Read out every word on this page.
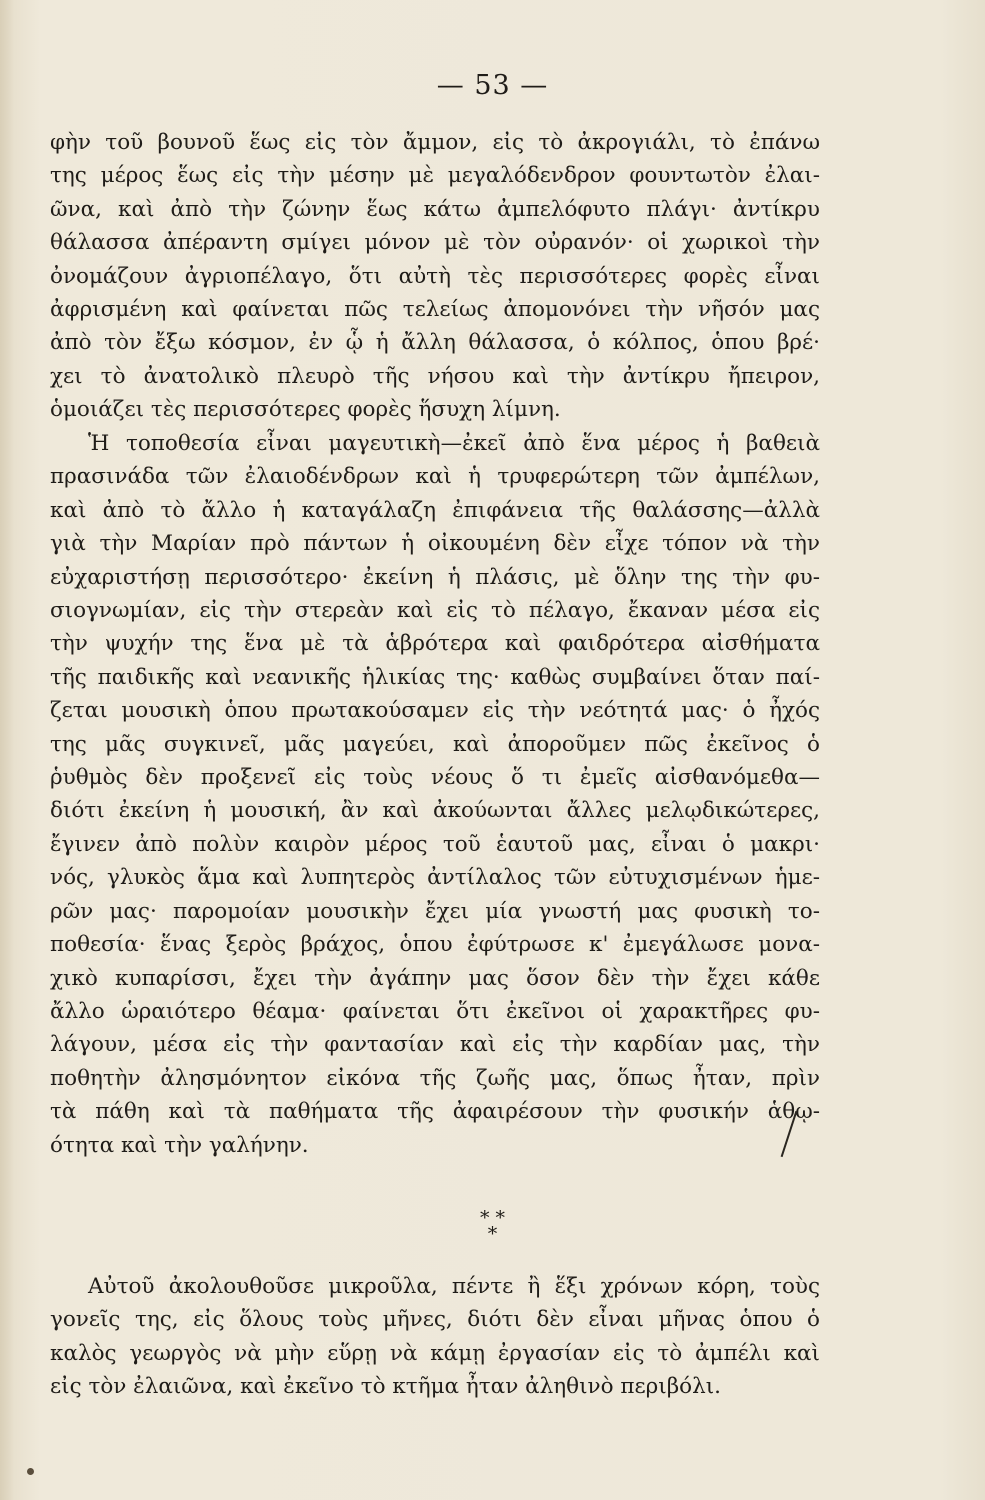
— 53 —
φὴν τοῦ βουνοῦ ἕως εἰς τὸν ἄμμον, εἰς τὸ ἀκρογιάλι, τὸ ἐπάνω
της μέρος ἕως εἰς τὴν μέσην μὲ μεγαλόδενδρον φουντωτὸν ἐλαι-
ῶνα, καὶ ἀπὸ τὴν ζώνην ἕως κάτω ἀμπελόφυτο πλάγι· ἀντίκρυ
θάλασσα ἀπέραντη σμίγει μόνον μὲ τὸν οὐρανόν· οἱ χωρικοὶ τὴν
ὀνομάζουν ἀγριοπέλαγο, ὅτι αὐτὴ τὲς περισσότερες φορὲς εἶναι
ἀφρισμένη καὶ φαίνεται πῶς τελείως ἀπομονόνει τὴν νῆσόν μας
ἀπὸ τὸν ἔξω κόσμον, ἐν ᾧ ἡ ἄλλη θάλασσα, ὁ κόλπος, ὁπου βρέ·
χει τὸ ἀνατολικὸ πλευρὸ τῆς νήσου καὶ τὴν ἀντίκρυ ἤπειρον,
ὁμοιάζει τὲς περισσότερες φορὲς ἥσυχη λίμνη.
Ἡ τοποθεσία εἶναι μαγευτικὴ—ἐκεῖ ἀπὸ ἕνα μέρος ἡ βαθειὰ
πρασινάδα τῶν ἐλαιοδένδρων καὶ ἡ τρυφερώτερη τῶν ἀμπέλων,
καὶ ἀπὸ τὸ ἄλλο ἡ καταγάλαζη ἐπιφάνεια τῆς θαλάσσης—ἀλλὰ
γιὰ τὴν Μαρίαν πρὸ πάντων ἡ οἰκουμένη δὲν εἶχε τόπον νὰ τὴν
εὐχαριστήσῃ περισσότερο· ἐκείνη ἡ πλάσις, μὲ ὅλην της τὴν φυ-
σιογνωμίαν, εἰς τὴν στερεὰν καὶ εἰς τὸ πέλαγο, ἔκαναν μέσα εἰς
τὴν ψυχήν της ἕνα μὲ τὰ ἁβρότερα καὶ φαιδρότερα αἰσθήματα
τῆς παιδικῆς καὶ νεανικῆς ἡλικίας της· καθὼς συμβαίνει ὅταν παί-
ζεται μουσικὴ ὁπου πρωτακούσαμεν εἰς τὴν νεότητά μας· ὁ ἦχός
της μᾶς συγκινεῖ, μᾶς μαγεύει, καὶ ἀποροῦμεν πῶς ἐκεῖνος ὁ
ῥυθμὸς δὲν προξενεῖ εἰς τοὺς νέους ὅ τι ἐμεῖς αἰσθανόμεθα—
διότι ἐκείνη ἡ μουσική, ἂν καὶ ἀκούωνται ἄλλες μελῳδικώτερες,
ἔγινεν ἀπὸ πολὺν καιρὸν μέρος τοῦ ἑαυτοῦ μας, εἶναι ὁ μακρι·
νός, γλυκὸς ἅμα καὶ λυπητερὸς ἀντίλαλος τῶν εὐτυχισμένων ἡμε-
ρῶν μας· παρομοίαν μουσικὴν ἔχει μία γνωστή μας φυσικὴ το-
ποθεσία· ἕνας ξερὸς βράχος, ὁπου ἐφύτρωσε κ' ἐμεγάλωσε μονα-
χικὸ κυπαρίσσι, ἔχει τὴν ἀγάπην μας ὅσον δὲν τὴν ἔχει κάθε
ἄλλο ὡραιότερο θέαμα· φαίνεται ὅτι ἐκεῖνοι οἱ χαρακτῆρες φυ-
λάγουν, μέσα εἰς τὴν φαντασίαν καὶ εἰς τὴν καρδίαν μας, τὴν
ποθητὴν ἀλησμόνητον εἰκόνα τῆς ζωῆς μας, ὅπως ἦταν, πρὶν
τὰ πάθη καὶ τὰ παθήματα τῆς ἀφαιρέσουν τὴν φυσικήν ἁθῳ-
ότητα καὶ τὴν γαλήνην.
* *
*
Αὐτοῦ ἀκολουθοῦσε μικροῦλα, πέντε ἢ ἕξι χρόνων κόρη, τοὺς
γονεῖς της, εἰς ὅλους τοὺς μῆνες, διότι δὲν εἶναι μῆνας ὁπου ὁ
καλὸς γεωργὸς νὰ μὴν εὕρῃ νὰ κάμῃ ἐργασίαν εἰς τὸ ἀμπέλι καὶ
εἰς τὸν ἐλαιῶνα, καὶ ἐκεῖνο τὸ κτῆμα ἦταν ἀληθινὸ περιβόλι.
